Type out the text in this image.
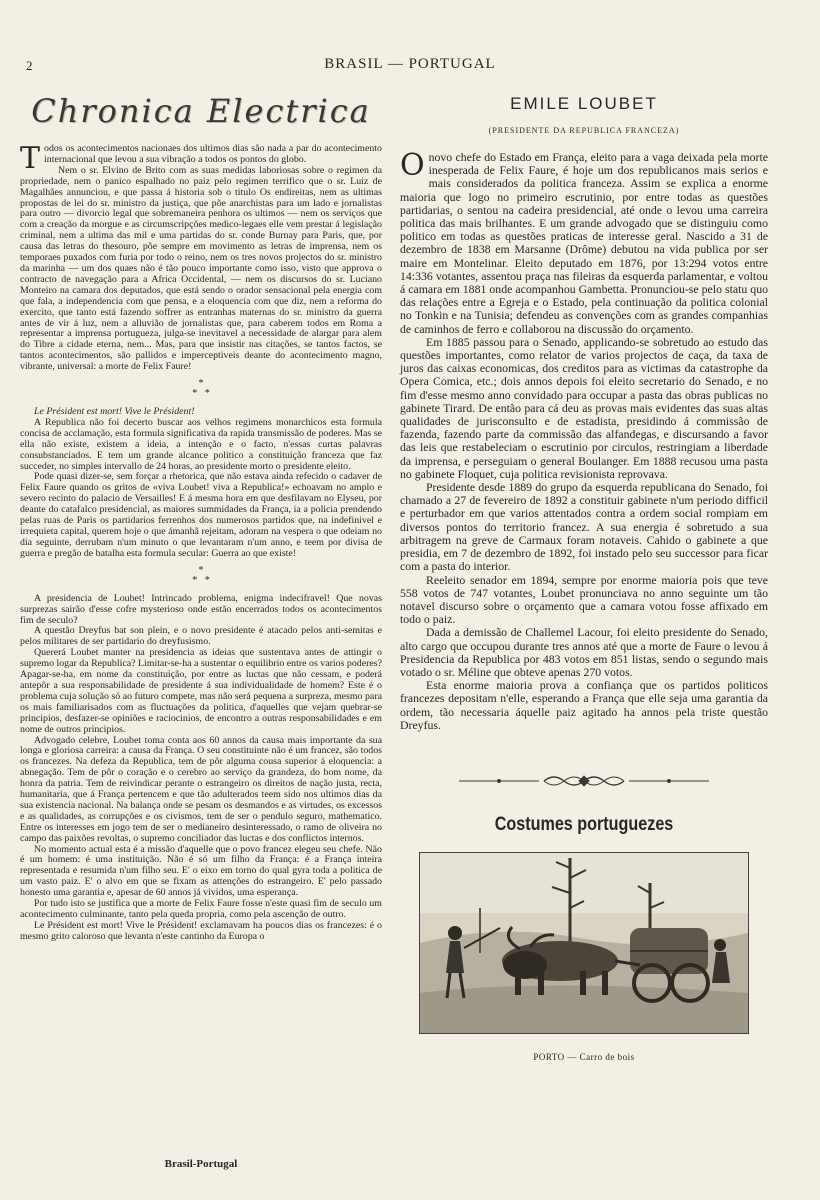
2	BRASIL — PORTUGAL
Chronica Electrica

Todos os acontecimentos nacionaes dos ultimos dias são nada a par do acontecimento internacional que levou a sua vibração a todos os pontos do globo.

Nem o sr. Elvino de Brito com as suas medidas laboriosas sobre o regimen da propriedade, nem o panico espalhado no paiz pelo regimen terrifico que o sr. Luiz de Magalhães annunciou, e que passa á historia sob o titulo Os endireitas, nem as ultimas propostas de lei do sr. ministro da justiça, que põe anarchistas para um lado e jornalistas para outro — divorcio legal que sobremaneira penhora os ultimos — nem os serviços que com a creação da morgue e as circumscripções medico-legaes elle vem prestar á legislação criminal, nem a ultima das mil e uma partidas do sr. conde Burnay para Paris, que, por causa das letras do thesouro, põe sempre em movimento as letras de imprensa, nem os temporaes puxados com furia por todo o reino, nem os tres novos projectos do sr. ministro da marinha — um dos quaes não é tão pouco importante como isso, visto que approva o contracto de navegação para a Africa Occidental, — nem os discursos do sr. Luciano Monteiro na camara dos deputados, que está sendo o orador sensacional pela energia com que fala, a independencia com que pensa, e a eloquencia com que diz, nem a reforma do exercito, que tanto está fazendo soffrer as entranhas maternas do sr. ministro da guerra antes de vir á luz, nem a alluvião de jornalistas que, para caberem todos em Roma a representar a imprensa portugueza, julga-se inevitavel a necessidade de alargar para alem do Tibre a cidade eterna, nem... Mas, para que insistir nas citações, se tantos factos, se tantos acontecimentos, são pallidos e imperceptiveis deante do acontecimento magno, vibrante, universal: a morte de Felix Faure!

*
*   *

Le Président est mort! Vive le Président!

A Republica não foi decerto buscar aos velhos regimens monarchicos esta formula concisa de acclamação, esta formula significativa da rapida transmissão de poderes. Mas se ella não existe, existem a ideia, a intenção e o facto, n'essas curtas palavras consubstanciados. E tem um grande alcance politico a constituição franceza que faz succeder, no simples intervallo de 24 horas, ao presidente morto o presidente eleito.

Pode quasi dizer-se, sem forçar a rhetorica, que não estava ainda refecido o cadaver de Felix Faure quando os gritos de «viva Loubet! viva a Republica!» echoavam no amplo e severo recinto do palacio de Versailles! E á mesma hora em que desfilavam no Elyseu, por deante do catafalco presidencial, as maiores summidades da França, ia a policia prendendo pelas ruas de Paris os partidarios ferrenhos dos numerosos partidos que, na indefinivel e irrequieta capital, querem hoje o que ámanhã rejeitam, adoram na vespera o que odeiam no dia seguinte, derrubam n'um minuto o que levantaram n'um anno, e teem por divisa de guerra e pregão de batalha esta formula secular: Guerra ao que existe!

*
*   *

A presidencia de Loubet! Intrincado problema, enigma indecifravel! Que novas surprezas sairão d'esse cofre mysterioso onde estão encerrados todos os acontecimentos fim de seculo?

A questão Dreyfus bat son plein, e o novo presidente é atacado pelos anti-semitas e pelos militares de ser partidario do dreyfusismo.

Quererá Loubet manter na presidencia as ideias que sustentava antes de attingir o supremo logar da Republica? Limitar-se-ha a sustentar o equilibrio entre os varios poderes? Apagar-se-ha, em nome da constituição, por entre as luctas que não cessam, e poderá antepôr a sua responsabilidade de presidente á sua individualidade de homem? Este é o problema cuja solução só ao futuro compete, mas não será pequena a surpreza, mesmo para os mais familiarisados com as fluctuações da politica, d'aquelles que vejam quebrar-se principios, desfazer-se opiniões e raciocinios, de encontro a outras responsabilidades e em nome de outros principios.

Advogado celebre, Loubet toma conta aos 60 annos da causa mais importante da sua longa e gloriosa carreira: a causa da França. O seu constituinte não é um francez, são todos os francezes. Na defeza da Republica, tem de pôr alguma cousa superior á eloquencia: a abnegação. Tem de pôr o coração e o cerebro ao serviço da grandeza, do bom nome, da honra da patria. Tem de reivindicar perante o estrangeiro os direitos de nação justa, recta, humanitaria, que á França pertencem e que tão adulterados teem sido nos ultimos dias da sua existencia nacional. Na balança onde se pesam os desmandos e as virtudes, os excessos e as qualidades, as corrupções e os civismos, tem de ser o pendulo seguro, mathematico. Entre os interesses em jogo tem de ser o medianeiro desinteressado, o ramo de oliveira no campo das paixões revoltas, o supremo conciliador das luctas e dos conflictos internos.

No momento actual esta é a missão d'aquelle que o povo francez elegeu seu chefe. Não é um homem: é uma instituição. Não é só um filho da França: é a França inteira representada e resumida n'um filho seu. E' o eixo em torno do qual gyra toda a politica de um vasto paiz. E' o alvo em que se fixam as attenções do estrangeiro. E' pelo passado honesto uma garantia e, apesar de 60 annos já vividos, uma esperança.

Por tudo isto se justifica que a morte de Felix Faure fosse n'este quasi fim de seculo um acontecimento culminante, tanto pela queda propria, como pela ascenção de outro.

Le Président est mort! Vive le Président! exclamavam ha poucos dias os francezes: é o mesmo grito caloroso que levanta n'este cantinho da Europa o

Brasil-Portugal
EMILE LOUBET
(PRESIDENTE DA REPUBLICA FRANCEZA)

O novo chefe do Estado em França, eleito para a vaga deixada pela morte inesperada de Felix Faure, é hoje um dos republicanos mais serios e mais considerados da politica franceza. Assim se explica a enorme maioria que logo no primeiro escrutinio, por entre todas as questões partidarias, o sentou na cadeira presidencial, até onde o levou uma carreira politica das mais brilhantes. E um grande advogado que se distinguiu como politico em todas as questões praticas de interesse geral. Nascido a 31 de dezembro de 1838 em Marsanne (Drôme) debutou na vida publica por ser maire em Montelinar. Eleito deputado em 1876, por 13:294 votos entre 14:336 votantes, assentou praça nas fileiras da esquerda parlamentar, e voltou á camara em 1881 onde acompanhou Gambetta. Pronunciou-se pelo statu quo das relações entre a Egreja e o Estado, pela continuação da politica colonial no Tonkin e na Tunisia; defendeu as convenções com as grandes companhias de caminhos de ferro e collaborou na discussão do orçamento.

Em 1885 passou para o Senado, applicando-se sobretudo ao estudo das questões importantes, como relator de varios projectos de caça, da taxa de juros das caixas economicas, dos creditos para as victimas da catastrophe da Opera Comica, etc.; dois annos depois foi eleito secretario do Senado, e no fim d'esse mesmo anno convidado para occupar a pasta das obras publicas no gabinete Tirard. De então para cá deu as provas mais evidentes das suas altas qualidades de jurisconsulto e de estadista, presidindo á commissão de fazenda, fazendo parte da commissão das alfandegas, e discursando a favor das leis que restabeleciam o escrutinio por circulos, restringiam a liberdade da imprensa, e perseguiam o general Boulanger. Em 1888 recusou uma pasta no gabinete Floquet, cuja politica revisionista reprovava.

Presidente desde 1889 do grupo da esquerda republicana do Senado, foi chamado a 27 de fevereiro de 1892 a constituir gabinete n'um periodo difficil e perturbador em que varios attentados contra a ordem social rompiam em diversos pontos do territorio francez. A sua energia é sobretudo a sua arbitragem na greve de Carmaux foram notaveis. Cahido o gabinete a que presidia, em 7 de dezembro de 1892, foi instado pelo seu successor para ficar com a pasta do interior.

Reeleito senador em 1894, sempre por enorme maioria pois que teve 558 votos de 747 votantes, Loubet pronunciava no anno seguinte um tão notavel discurso sobre o orçamento que a camara votou fosse affixado em todo o paiz.

Dada a demissão de Challemel Lacour, foi eleito presidente do Senado, alto cargo que occupou durante tres annos até que a morte de Faure o levou á Presidencia da Republica por 483 votos em 851 listas, sendo o segundo mais votado o sr. Méline que obteve apenas 270 votos.

Esta enorme maioria prova a confiança que os partidos politicos francezes depositam n'elle, esperando a França que elle seja uma garantia da ordem, tão necessaria áquelle paiz agitado ha annos pela triste questão Dreyfus.

Costumes portuguezes
PORTO — Carro de bois
